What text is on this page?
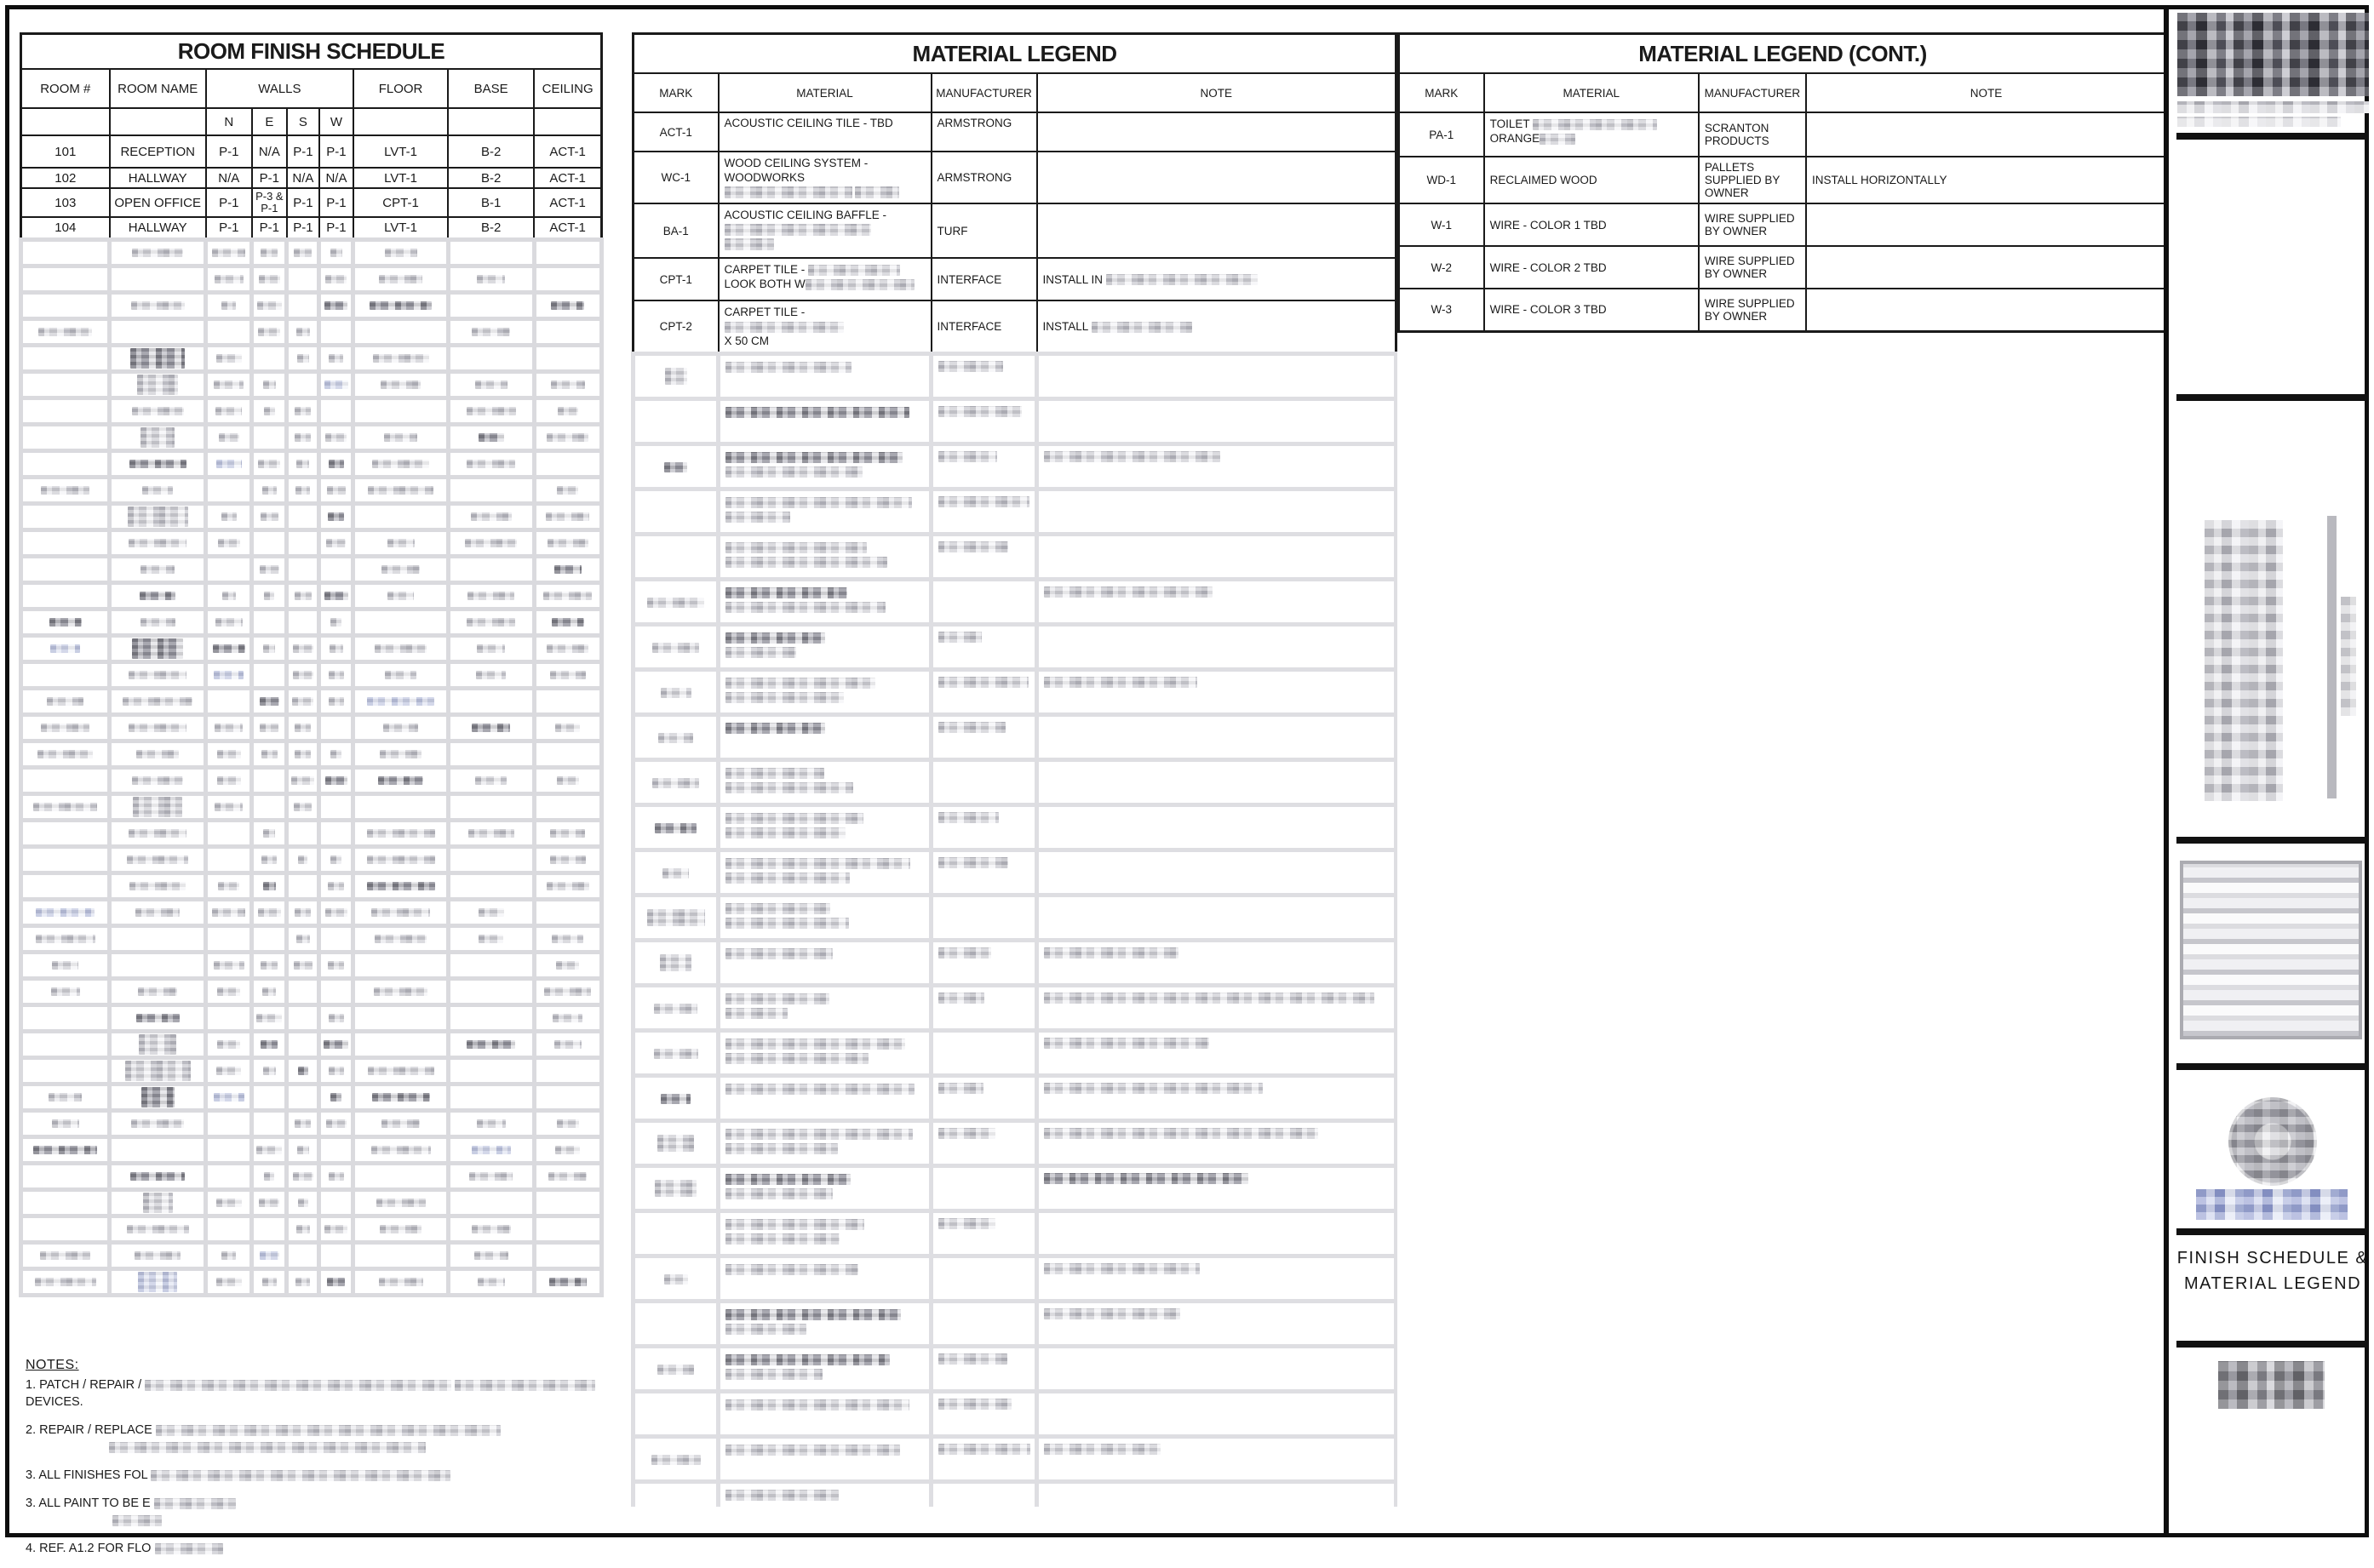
ROOM FINISH SCHEDULE								

ROOM #	ROOM NAME	WALLS				FLOOR	BASE	CEILING
		N	E	S	W			
101	RECEPTION	P-1	N/A	P-1	P-1	LVT-1	B-2	ACT-1
102	HALLWAY	N/A	P-1	N/A	N/A	LVT-1	B-2	ACT-1
103	OPEN OFFICE	P-1	P-3 & P-1	P-1	P-1	CPT-1	B-1	ACT-1
104	HALLWAY	P-1	P-1	P-1	P-1	LVT-1	B-2	ACT-1

NOTES:
1. PATCH / REPAIR /
DEVICES.
2. REPAIR / REPLACE

3. ALL FINISHES FOL
3. ALL PAINT TO BE E

4. REF. A1.2 FOR FLO
MATERIAL LEGEND			

MARK	MATERIAL	MANUFACTURER	NOTE
ACT-1	ACOUSTIC CEILING TILE - TBD	ARMSTRONG	
WC-1	WOOD CEILING SYSTEM - WOODWORKS	ARMSTRONG	
BA-1	ACOUSTIC CEILING BAFFLE -	TURF	
CPT-1	CARPET TILE -
LOOK BOTH W	INTERFACE	INSTALL IN
CPT-2	CARPET TILE -
X 50 CM	INTERFACE	INSTALL

MATERIAL LEGEND (CONT.)			

MARK	MATERIAL	MANUFACTURER	NOTE
PA-1	TOILET
ORANGE	SCRANTON PRODUCTS	
WD-1	RECLAIMED WOOD	PALLETS SUPPLIED BY OWNER	INSTALL HORIZONTALLY
W-1	WIRE - COLOR 1 TBD	WIRE SUPPLIED BY OWNER	
W-2	WIRE - COLOR 2 TBD	WIRE SUPPLIED BY OWNER	
W-3	WIRE - COLOR 3 TBD	WIRE SUPPLIED BY OWNER	
FINISH SCHEDULE &
MATERIAL LEGEND
